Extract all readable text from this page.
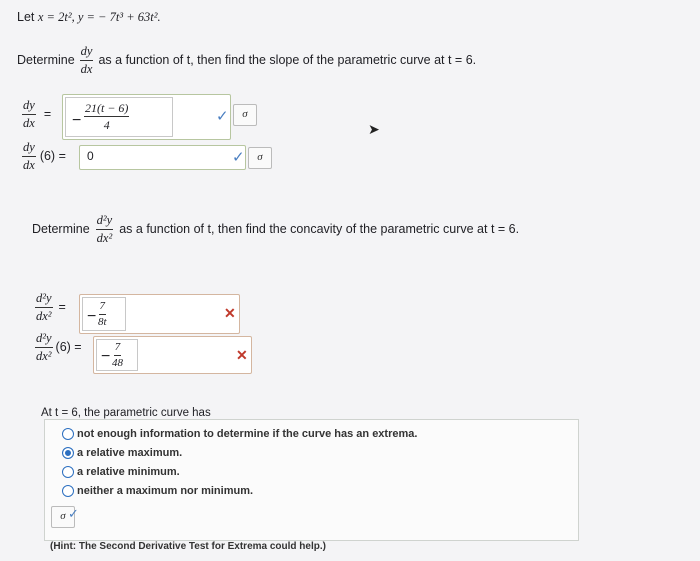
Let x = 2t², y = − 7t³ + 63t².
Determine $\frac{dy}{dx}$ as a function of t, then find the slope of the parametric curve at t = 6.
$\frac{dy}{dx}$ = − $\frac{21(t - 6)}{4}$	✓	σ
➤
$\frac{dy}{dx} (6) = 0$	✓	σ
Determine $\frac{\text{d²y}}{\text{dx²}}$ as a function of t, then find the concavity of the parametric curve at t = 6.
$\frac{\text{d²y}}{\text{dx²}}$ =
− $\frac{7}{8t}$	✕
$\frac{\text{d²y}}{\text{dx²}} (6)$ =
− $\frac{7}{48}$	✕
At t = 6, the parametric curve has
σ ✓
not enough information to determine if the curve has an extrema.
a relative maximum.
a relative minimum.
neither a maximum nor minimum.
(Hint: The Second Derivative Test for Extrema could help.)
